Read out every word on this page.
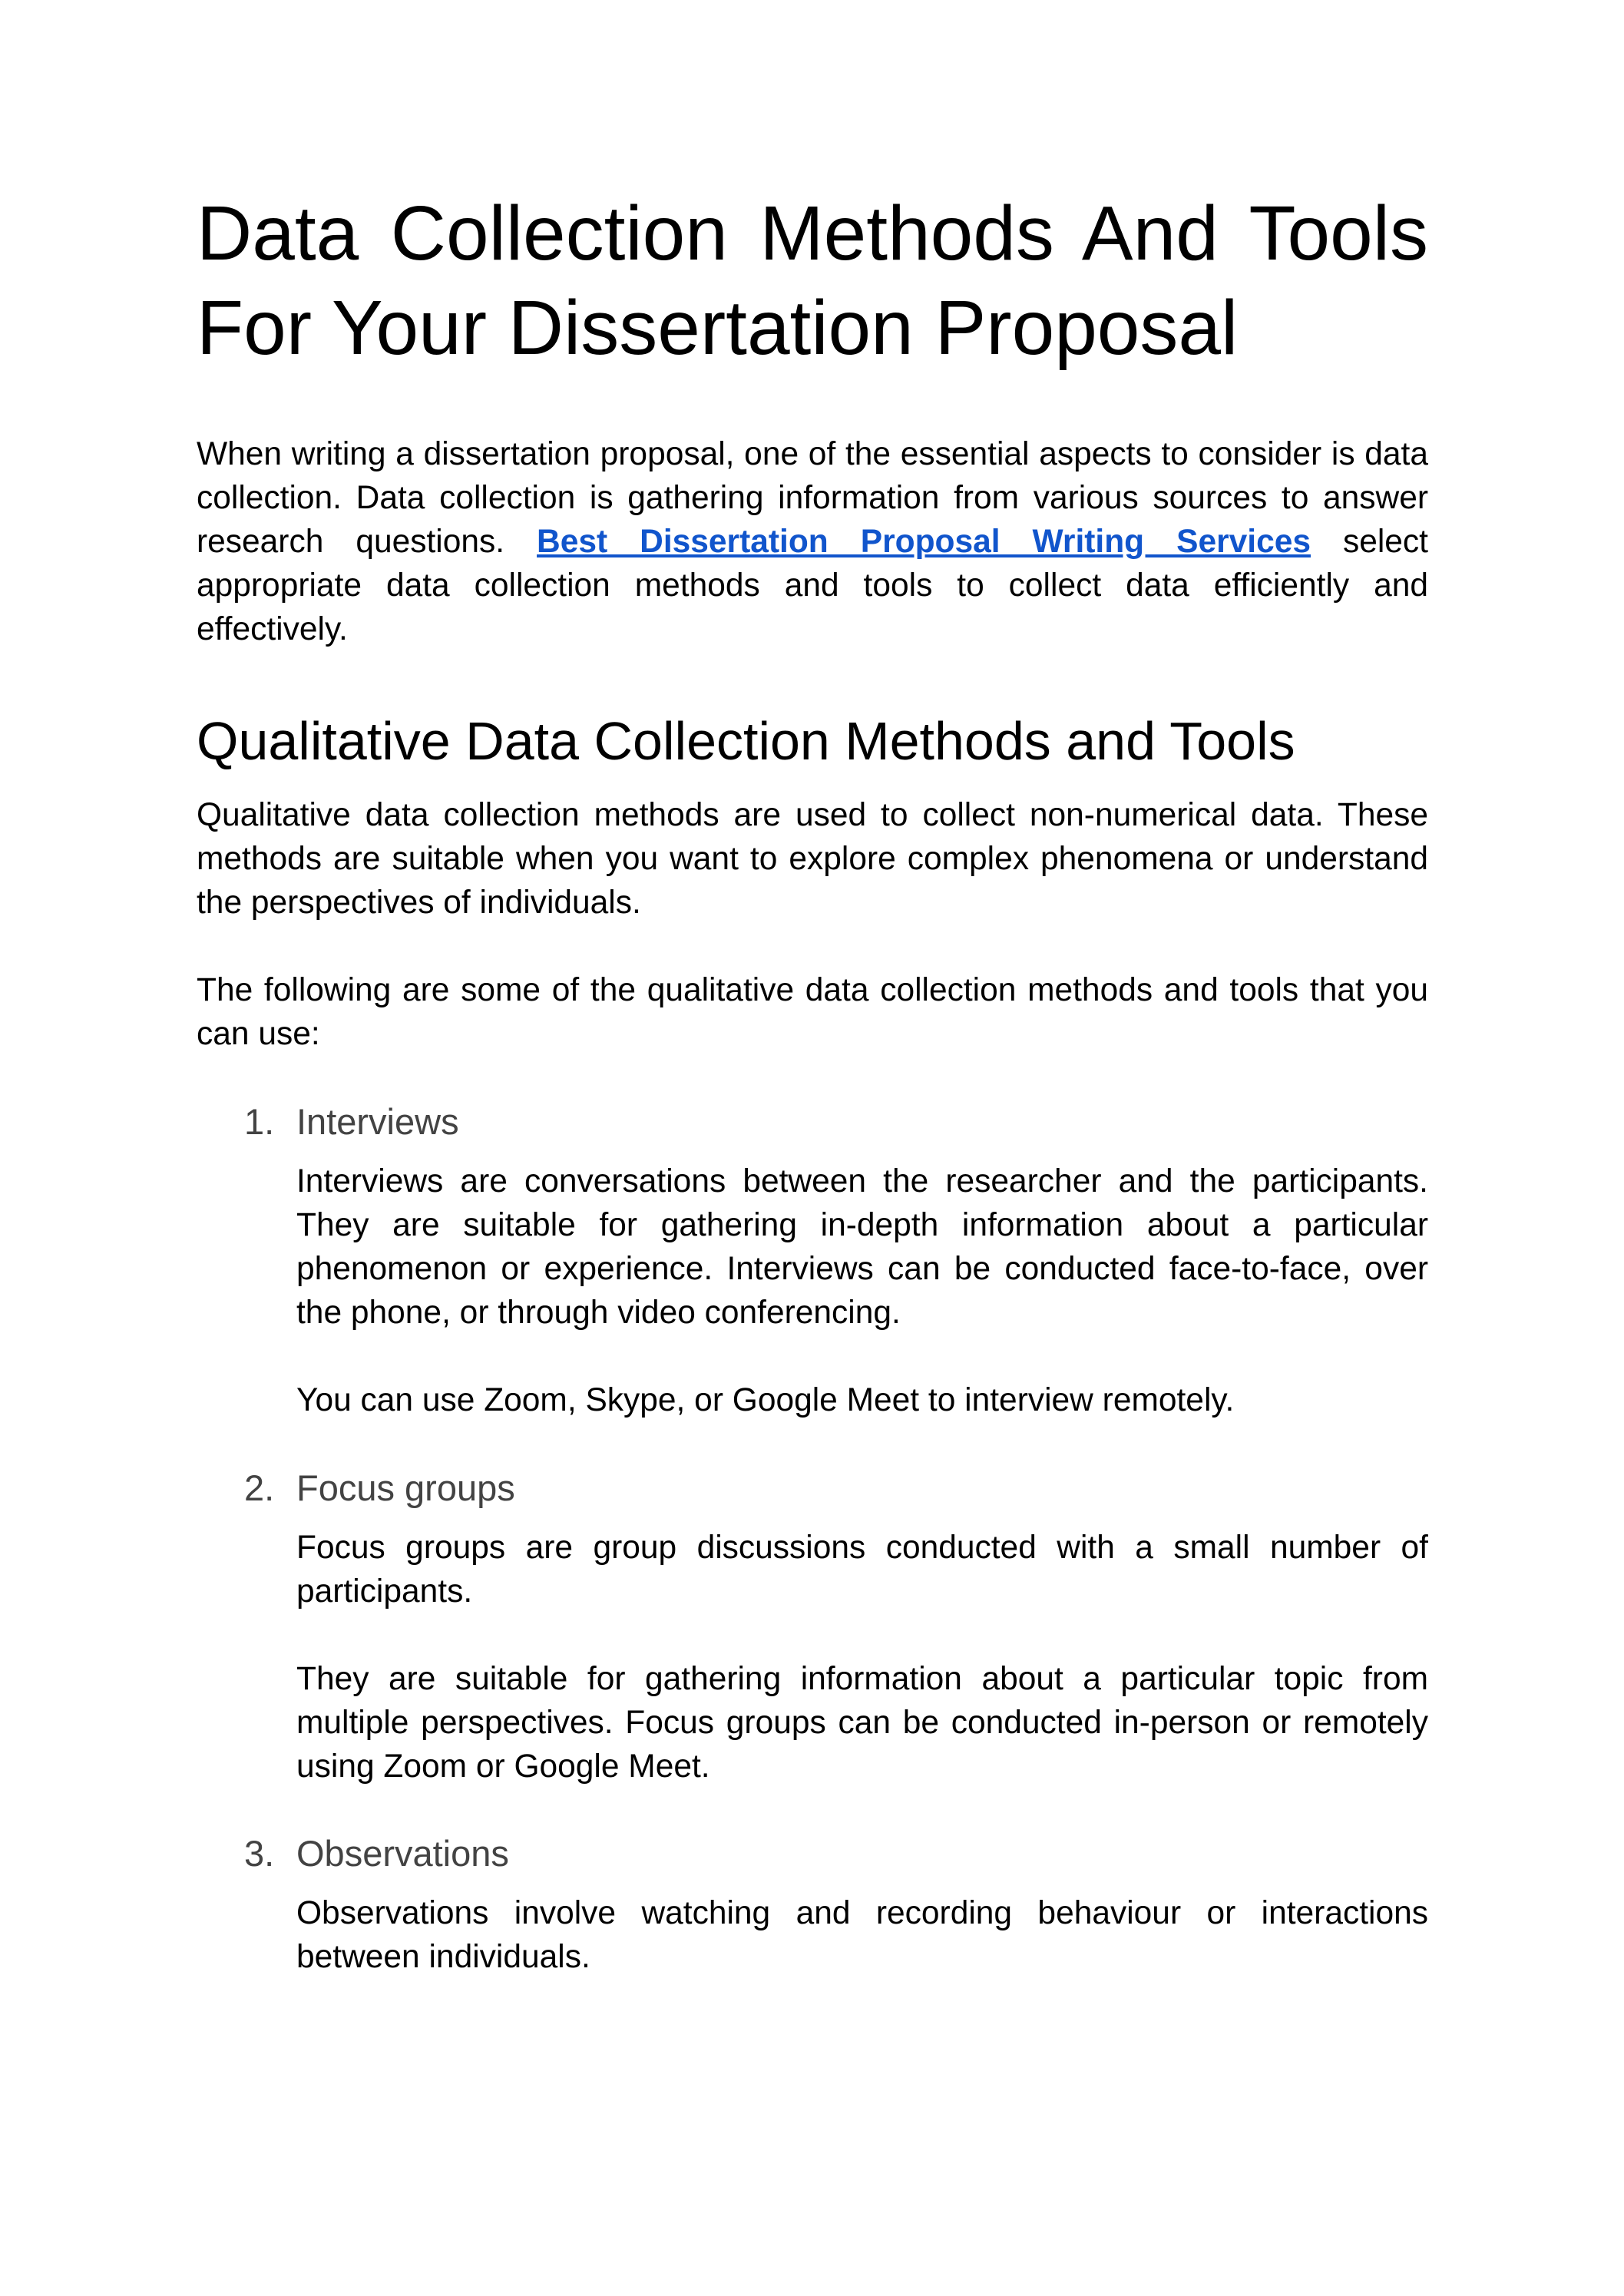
Data Collection Methods And Tools For Your Dissertation Proposal

When writing a dissertation proposal, one of the essential aspects to consider is data collection. Data collection is gathering information from various sources to answer research questions. Best Dissertation Proposal Writing Services select appropriate data collection methods and tools to collect data efficiently and effectively.

Qualitative Data Collection Methods and Tools

Qualitative data collection methods are used to collect non-numerical data. These methods are suitable when you want to explore complex phenomena or understand the perspectives of individuals.

The following are some of the qualitative data collection methods and tools that you can use:

1. Interviews

Interviews are conversations between the researcher and the participants. They are suitable for gathering in-depth information about a particular phenomenon or experience. Interviews can be conducted face-to-face, over the phone, or through video conferencing.

You can use Zoom, Skype, or Google Meet to interview remotely.

2. Focus groups

Focus groups are group discussions conducted with a small number of participants.

They are suitable for gathering information about a particular topic from multiple perspectives. Focus groups can be conducted in-person or remotely using Zoom or Google Meet.

3. Observations

Observations involve watching and recording behaviour or interactions between individuals.
